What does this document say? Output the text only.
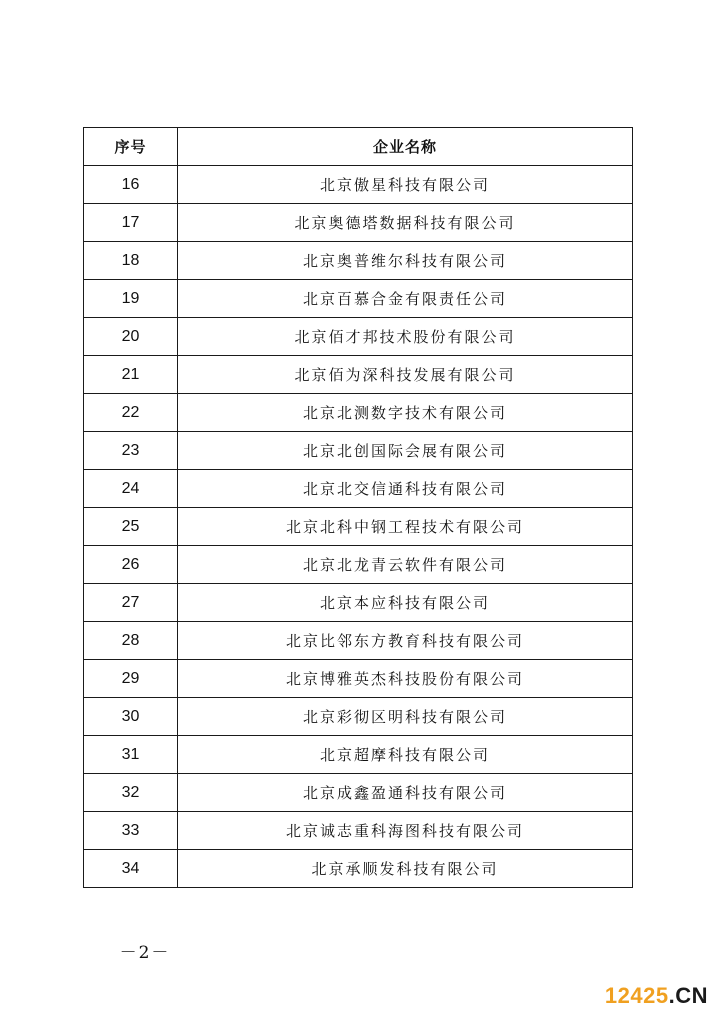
序号	企业名称
16	北京傲星科技有限公司
17	北京奥德塔数据科技有限公司
18	北京奥普维尔科技有限公司
19	北京百慕合金有限责任公司
20	北京佰才邦技术股份有限公司
21	北京佰为深科技发展有限公司
22	北京北测数字技术有限公司
23	北京北创国际会展有限公司
24	北京北交信通科技有限公司
25	北京北科中钢工程技术有限公司
26	北京北龙青云软件有限公司
27	北京本应科技有限公司
28	北京比邻东方教育科技有限公司
29	北京博雅英杰科技股份有限公司
30	北京彩彻区明科技有限公司
31	北京超摩科技有限公司
32	北京成鑫盈通科技有限公司
33	北京诚志重科海图科技有限公司
34	北京承顺发科技有限公司
－2－
12425.CN
